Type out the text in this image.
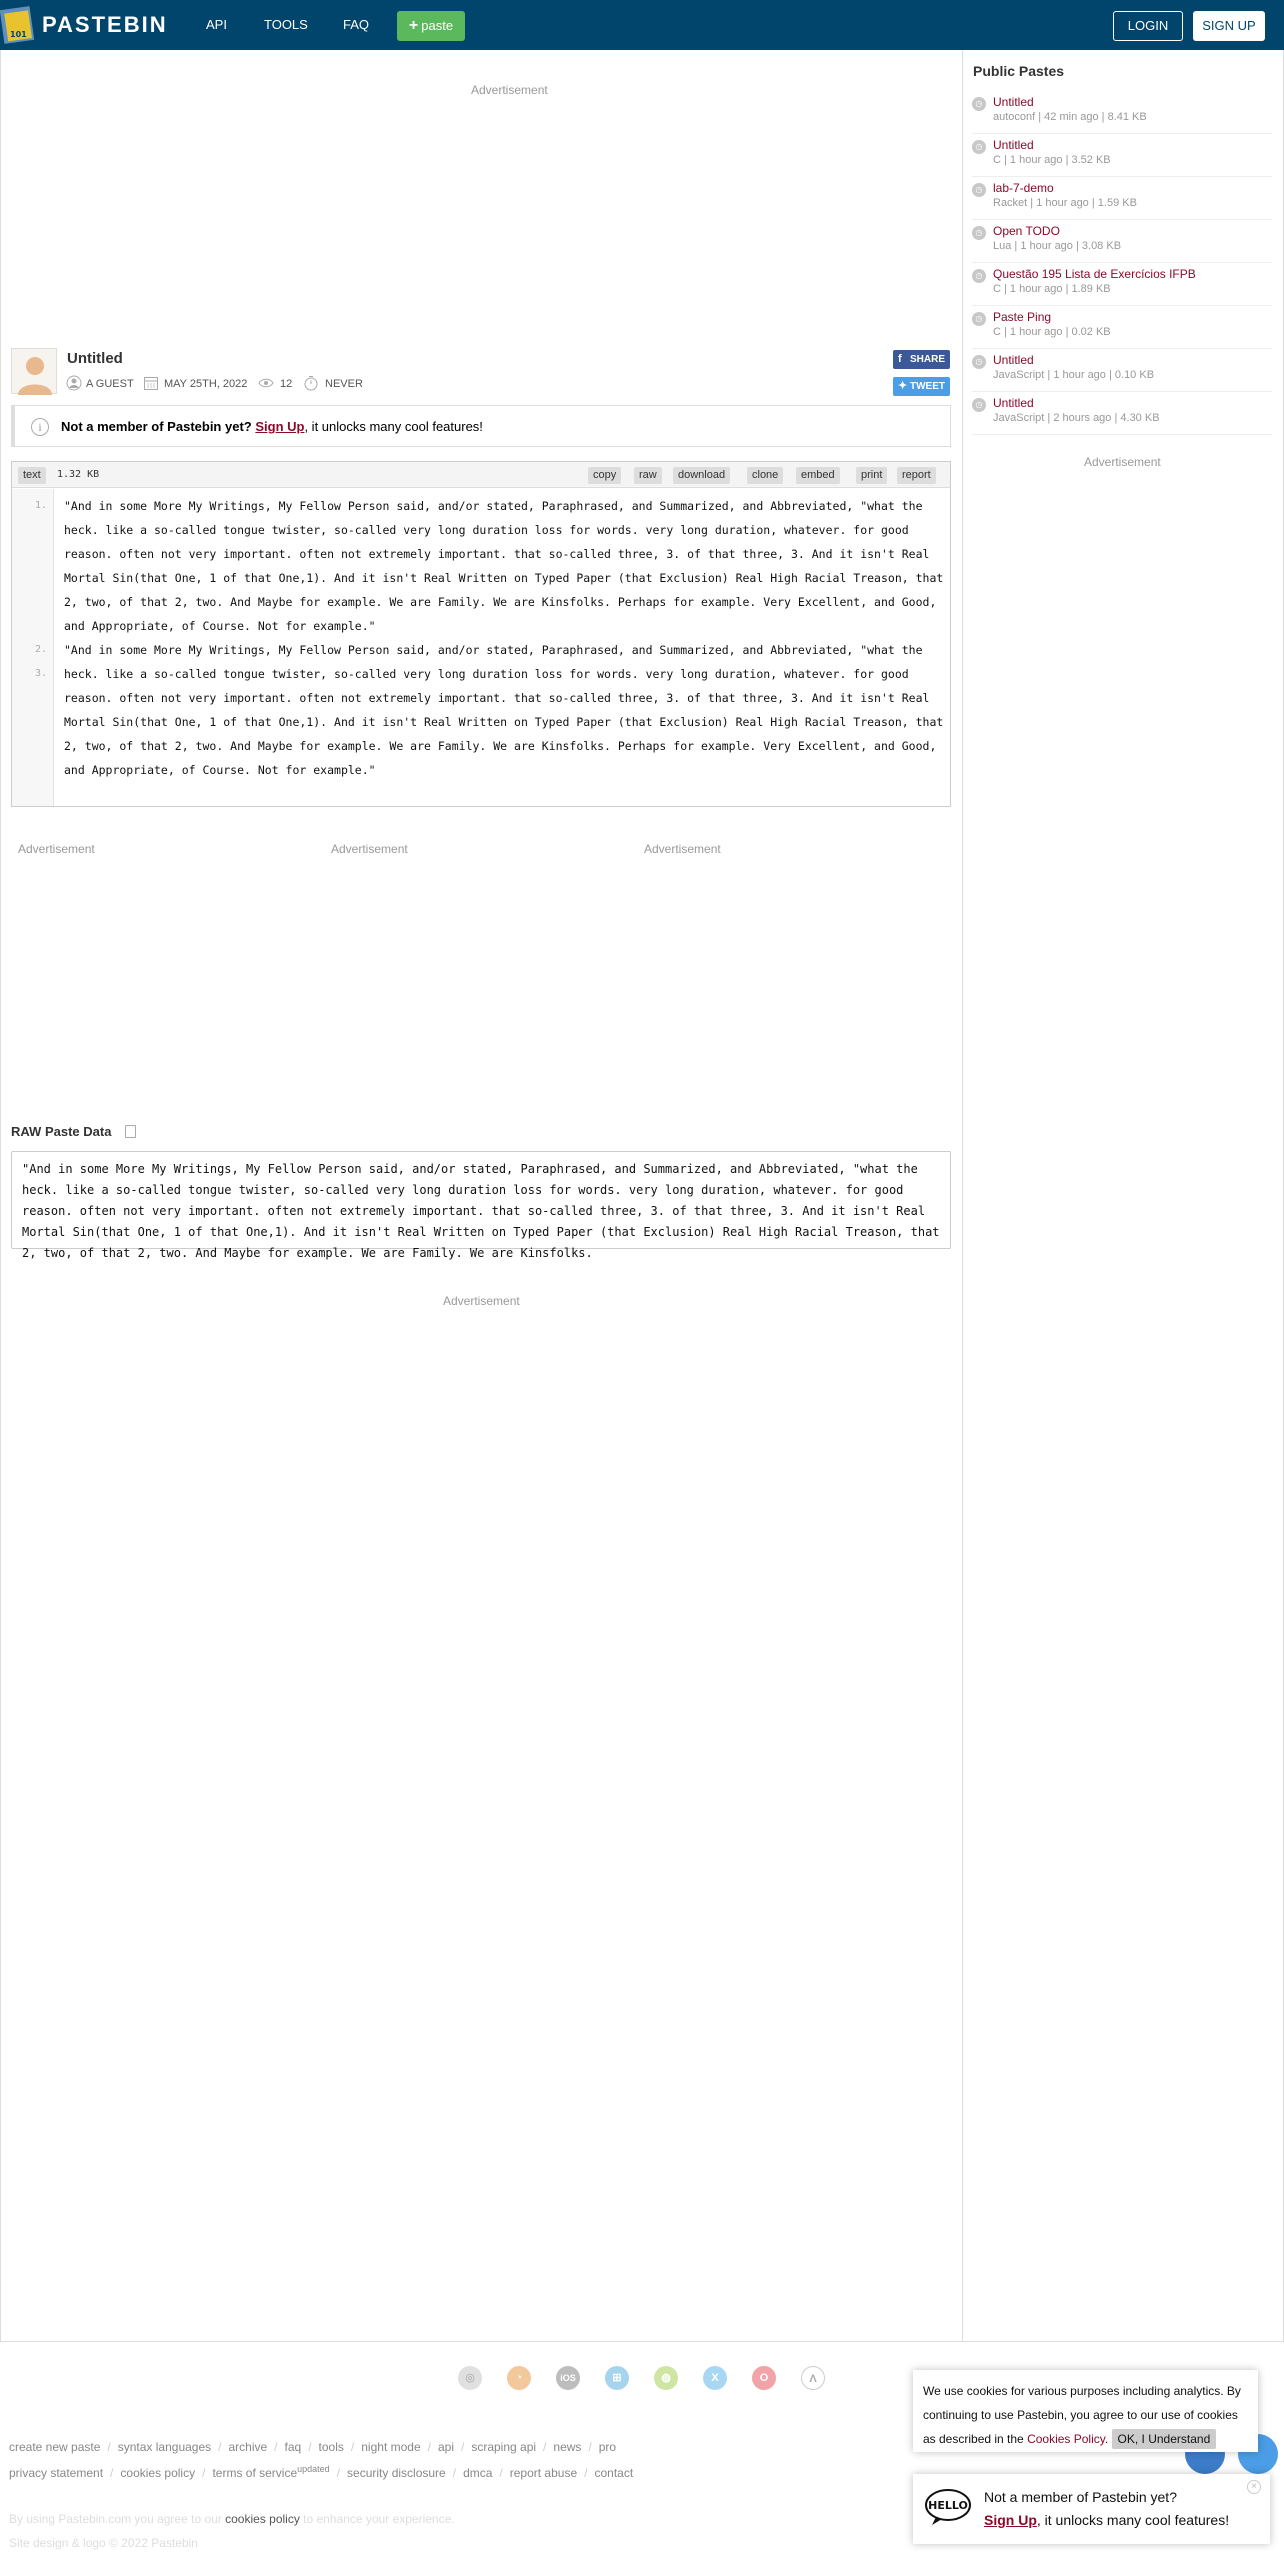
101 PASTEBIN	API	TOOLS	FAQ	+ paste	LOGIN	SIGN UP
Advertisement
Untitled
A GUEST	MAY 25TH, 2022	12	NEVER
f SHARE
✦ TWEET
i	Not a member of Pastebin yet? Sign Up, it unlocks many cool features!
text	1.32 KB	copy	raw	download	clone	embed	print	report
1.
2.
3.
"And in some More My Writings, My Fellow Person said, and/or stated, Paraphrased, and Summarized, and Abbreviated, "what the heck. like a so-called tongue twister, so-called very long duration loss for words. very long duration, whatever. for good reason. often not very important. often not extremely important. that so-called three, 3. of that three, 3. And it isn't Real Mortal Sin(that One, 1 of that One,1). And it isn't Real Written on Typed Paper (that Exclusion) Real High Racial Treason, that 2, two, of that 2, two. And Maybe for example. We are Family. We are Kinsfolks. Perhaps for example. Very Excellent, and Good, and Appropriate, of Course. Not for example."
"And in some More My Writings, My Fellow Person said, and/or stated, Paraphrased, and Summarized, and Abbreviated, "what the heck. like a so-called tongue twister, so-called very long duration loss for words. very long duration, whatever. for good reason. often not very important. often not extremely important. that so-called three, 3. of that three, 3. And it isn't Real Mortal Sin(that One, 1 of that One,1). And it isn't Real Written on Typed Paper (that Exclusion) Real High Racial Treason, that 2, two, of that 2, two. And Maybe for example. We are Family. We are Kinsfolks. Perhaps for example. Very Excellent, and Good, and Appropriate, of Course. Not for example."
Advertisement	Advertisement	Advertisement
RAW Paste Data
"And in some More My Writings, My Fellow Person said, and/or stated, Paraphrased, and Summarized, and Abbreviated, "what the heck. like a so-called tongue twister, so-called very long duration loss for words. very long duration, whatever. for good reason. often not very important. often not extremely important. that so-called three, 3. of that three, 3. And it isn't Real Mortal Sin(that One, 1 of that One,1). And it isn't Real Written on Typed Paper (that Exclusion) Real High Racial Treason, that 2, two, of that 2, two. And Maybe for example. We are Family. We are Kinsfolks.
Advertisement
Public Pastes
◷ Untitled
autoconf | 42 min ago | 8.41 KB
◷ Untitled
C | 1 hour ago | 3.52 KB
◷ lab-7-demo
Racket | 1 hour ago | 1.59 KB
◷ Open TODO
Lua | 1 hour ago | 3.08 KB
◷ Questão 195 Lista de Exercícios IFPB
C | 1 hour ago | 1.89 KB
◷ Paste Ping
C | 1 hour ago | 0.02 KB
◷ Untitled
JavaScript | 1 hour ago | 0.10 KB
◷ Untitled
JavaScript | 2 hours ago | 4.30 KB
Advertisement
◎	◔	iOS	⊞	◍	X	O	Λ
create new paste / syntax languages / archive / faq / tools / night mode / api / scraping api / news / pro
privacy statement / cookies policy / terms of service$^{updated}$ / security disclosure / dmca / report abuse / contact
By using Pastebin.com you agree to our cookies policy to enhance your experience.
Site design & logo © 2022 Pastebin
We use cookies for various purposes including analytics. By continuing to use Pastebin, you agree to our use of cookies as described in the Cookies Policy. OK, I Understand
HELLO
×
Not a member of Pastebin yet?
Sign Up, it unlocks many cool features!
